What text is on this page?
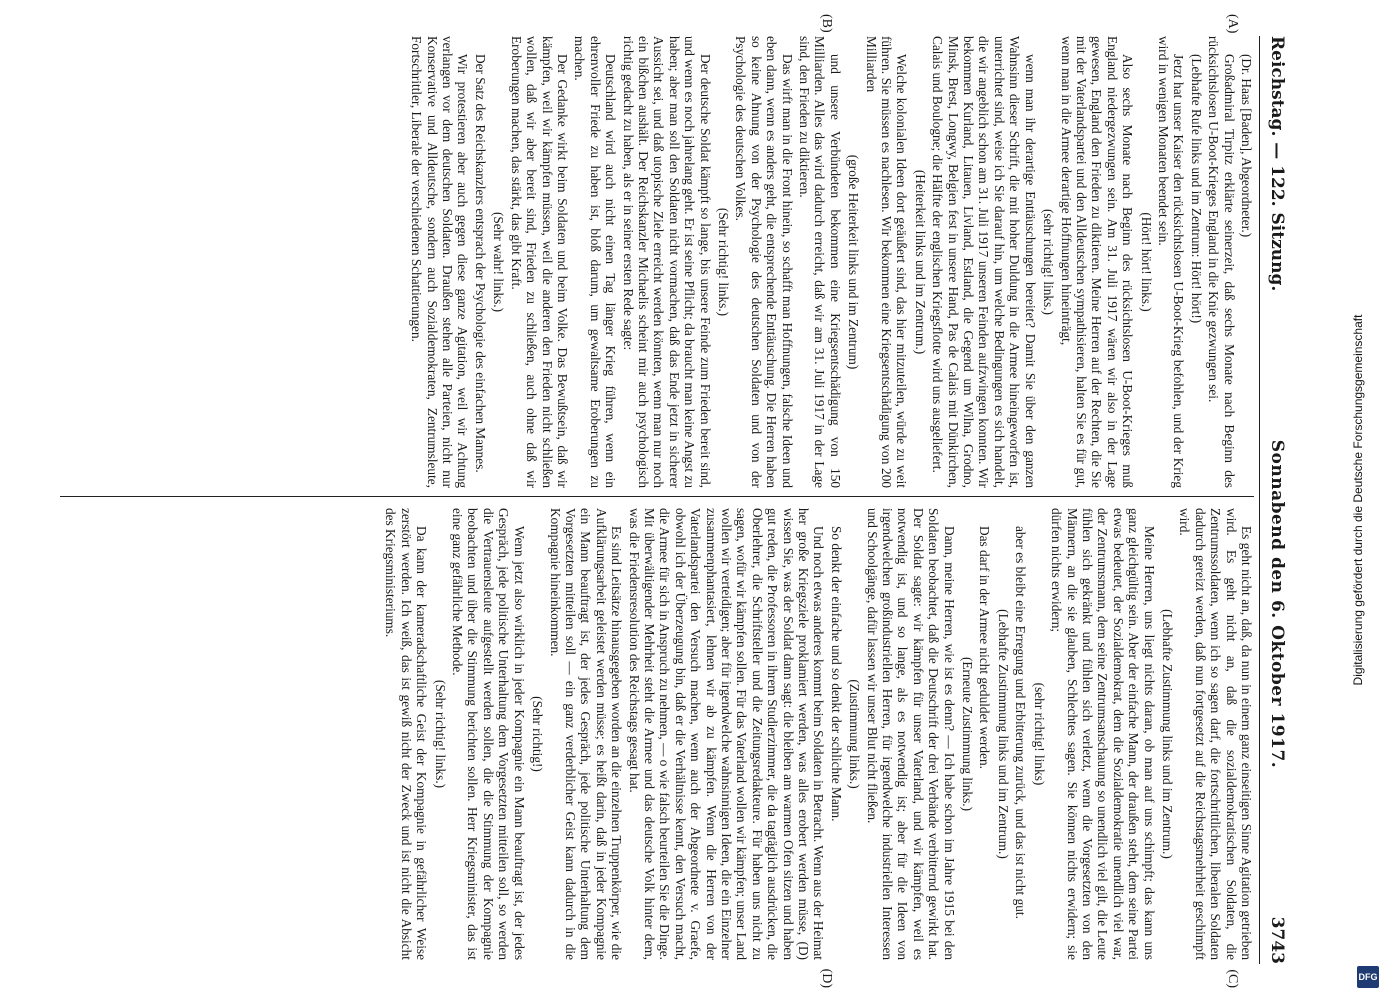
Reichstag. — 122. Sitzung.
Sonnabend den 6. Oktober 1917.
3743
(A)
(B)
(C)
(D)

(Dr. Haas [Baden], Abgeordneter.)

Großadmiral Tirpitz erklärte seinerzeit, daß sechs Monate nach Beginn des rücksichtslosen U-Boot-Krieges England in die Knie gezwungen sei.

(Lebhafte Rufe links und im Zentrum: Hört! hört!)

Jetzt hat unser Kaiser den rücksichtslosen U-Boot-Krieg befohlen, und der Krieg wird in wenigen Monaten beendet sein.

(Hört! hört! links.)

Also sechs Monate nach Beginn des rücksichtslosen U-Boot-Krieges muß England niedergezwungen sein. Am 31. Juli 1917 wären wir also in der Lage gewesen, England den Frieden zu diktieren. Meine Herren auf der Rechten, die Sie mit der Vaterlandspartei und den Alldeutschen sympathisieren, halten Sie es für gut, wenn man in die Armee derartige Hoffnungen hineinträgt,

(sehr richtig! links.)

wenn man ihr derartige Enttäuschungen bereitet? Damit Sie über den ganzen Wahnsinn dieser Schrift, die mit hoher Duldung in die Armee hineingeworfen ist, unterrichtet sind, weise ich Sie darauf hin, um welche Bedingungen es sich handelt, die wir angeblich schon am 31. Juli 1917 unseren Feinden aufzwingen konnten. Wir bekommen Kurland, Litauen, Livland, Estland, die Gegend um Wilna, Grodno, Minsk, Brest, Longwy, Belgien fest in unsere Hand, Pas de Calais mit Dünkirchen, Calais und Boulogne; die Hälfte der englischen Kriegsflotte wird uns ausgeliefert.

(Heiterkeit links und im Zentrum.)

Welche kolonialen Ideen dort geäußert sind, das hier mitzuteilen, würde zu weit führen. Sie müssen es nachlesen. Wir bekommen eine Kriegsentschädigung von 200 Milliarden

(große Heiterkeit links und im Zentrum)

und unsere Verbündeten bekommen eine Kriegsentschädigung von 150 Milliarden. Alles das wird dadurch erreicht, daß wir am 31. Juli 1917 in der Lage sind, den Frieden zu diktieren.

Das wirft man in die Front hinein, so schafft man Hoffnungen, falsche Ideen und eben dann, wenn es anders geht, die entsprechende Enttäuschung. Die Herren haben so keine Ahnung von der Psychologie des deutschen Soldaten und von der Psychologie des deutschen Volkes.

(Sehr richtig! links.)

Der deutsche Soldat kämpft so lange, bis unsere Feinde zum Frieden bereit sind, und wenn es noch jahrelang geht. Er ist seine Pflicht; da braucht man keine Angst zu haben; aber man soll den Soldaten nicht vormachen, daß das Ende jetzt in sicherer Aussicht sei, und daß utopische Ziele erreicht werden könnten, wenn man nur noch ein bißchen aushält. Der Reichskanzler Michaelis scheint mir auch psychologisch richtig gedacht zu haben, als er in seiner ersten Rede sagte:

Deutschland wird auch nicht einen Tag länger Krieg führen, wenn ein ehrenvoller Friede zu haben ist, bloß darum, um gewaltsame Eroberungen zu machen.

Der Gedanke wirkt beim Soldaten und beim Volke. Das Bewußtsein, daß wir kämpfen, weil wir kämpfen müssen, weil die anderen den Frieden nicht schließen wollen, daß wir aber bereit sind, Frieden zu schließen, auch ohne daß wir Eroberungen machen, das stärkt, das gibt Kraft.

(Sehr wahr! links.)

Der Satz des Reichskanzlers entsprach der Psychologie des einfachen Mannes.

Wir protestieren aber auch gegen diese ganze Agitation, weil wir Achtung verlangen vor dem deutschen Soldaten. Draußen stehen alle Parteien, nicht nur Konservative und Alldeutsche, sondern auch Sozialdemokraten, Zentrumsleute, Fortschrittler, Liberale der verschiedenen Schattierungen.

Es geht nicht an, daß, da nun in einem ganz einseitigen Sinne Agitation getrieben wird. Es geht nicht an, daß die sozialdemokratischen Soldaten, die Zentrumssoldaten, wenn ich so sagen darf, die fortschrittlichen, liberalen Soldaten dadurch gereizt werden, daß nun fortgesetzt auf die Reichstagsmehrheit geschimpft wird.

(Lebhafte Zustimmung links und im Zentrum.)

Meine Herren, uns liegt nichts daran, ob man auf uns schimpft; das kann uns ganz gleichgültig sein. Aber der einfache Mann, der draußen steht, dem seine Partei etwas bedeutet, der Sozialdemokrat, dem die Sozialdemokratie unendlich viel war, der Zentrumsmann, dem seine Zentrumsanschauung so unendlich viel gilt, die Leute fühlen sich gekränkt und fühlen sich verletzt, wenn die Vorgesetzten von den Männern, an die sie glauben, Schlechtes sagen. Sie können nichts erwidern; sie dürfen nichts erwidern;

(sehr richtig! links)

aber es bleibt eine Erregung und Erbitterung zurück, und das ist nicht gut.

(Lebhafte Zustimmung links und im Zentrum.)

Das darf in der Armee nicht geduldet werden.

(Erneute Zustimmung links.)

Dann, meine Herren, wie ist es denn? — Ich habe schon im Jahre 1915 bei den Soldaten beobachtet, daß die Deutschrift der drei Verbände verbitternd gewirkt hat. Der Soldat sagte: wir kämpfen für unser Vaterland, und wir kämpfen, weil es notwendig ist, und so lange, als es notwendig ist; aber für die Ideen von irgendwelchen großindustriellen Herren, für irgendwelche industriellen Interessen und Schoolgänge, dafür lassen wir unser Blut nicht fließen.

(Zustimmung links.)

So denkt der einfache und so denkt der schlichte Mann.

Und noch etwas anderes kommt beim Soldaten in Betracht. Wenn aus der Heimat her große Kriegsziele proklamiert werden, was alles erobert werden müsse, (D) wissen Sie, was der Soldat dann sagt: die bleiben am warmen Ofen sitzen und haben gut reden, die Professoren in ihrem Studierzimmer, die da tagtäglich ausdrücken, die Oberlehrer, die Schriftsteller und die Zeitungsredakteure. Für haben uns nicht zu sagen, wofür wir kämpfen sollen. Für das Vaterland wollen wir kämpfen; unser Land wollen wir verteidigen; aber für irgendwelche wahnsinnigen Ideen, die ein Einzelner zusammenphantasiert, lehnen wir ab zu kämpfen. Wenn die Herren von der Vaterlandspartei den Versuch machen, wenn auch der Abgeordnete v. Graefe, obwohl ich der Überzeugung bin, daß er die Verhältnisse kennt, den Versuch macht, die Armee für sich in Anspruch zu nehmen, — o wie falsch beurteilen Sie die Dinge. Mit überwältigender Mehrheit steht die Armee und das deutsche Volk hinter dem, was die Friedensresolution des Reichstags gesagt hat.

Es sind Leitsätze hinausgegeben worden an die einzelnen Truppenkörper, wie die Aufklärungsarbeit geleistet werden müsse; es heißt darin, daß in jeder Kompagnie ein Mann beauftragt ist, der jedes Gespräch, jede politische Unterhaltung dem Vorgesetzten mitteilen soll — ein ganz verderblicher Geist kann dadurch in die Kompagnie hineinkommen.

(Sehr richtig!)

Wenn jetzt also wirklich in jeder Kompagnie ein Mann beauftragt ist, der jedes Gespräch, jede politische Unterhaltung dem Vorgesetzten mitteilen soll, so werden die Vertrauensleute aufgestellt werden sollen, die die Stimmung der Kompagnie beobachten und über die Stimmung berichten sollen. Herr Kriegsminister, das ist eine ganz gefährliche Methode.

(Sehr richtig! links.)

Da kann der kameradschaftliche Geist der Kompagnie in gefährlicher Weise zerstört werden. Ich weiß, das ist gewiß nicht der Zweck und ist nicht die Absicht des Kriegsministeriums.	Digitalisierung gefördert durch die Deutsche Forschungsgemeinschaft
DFG
